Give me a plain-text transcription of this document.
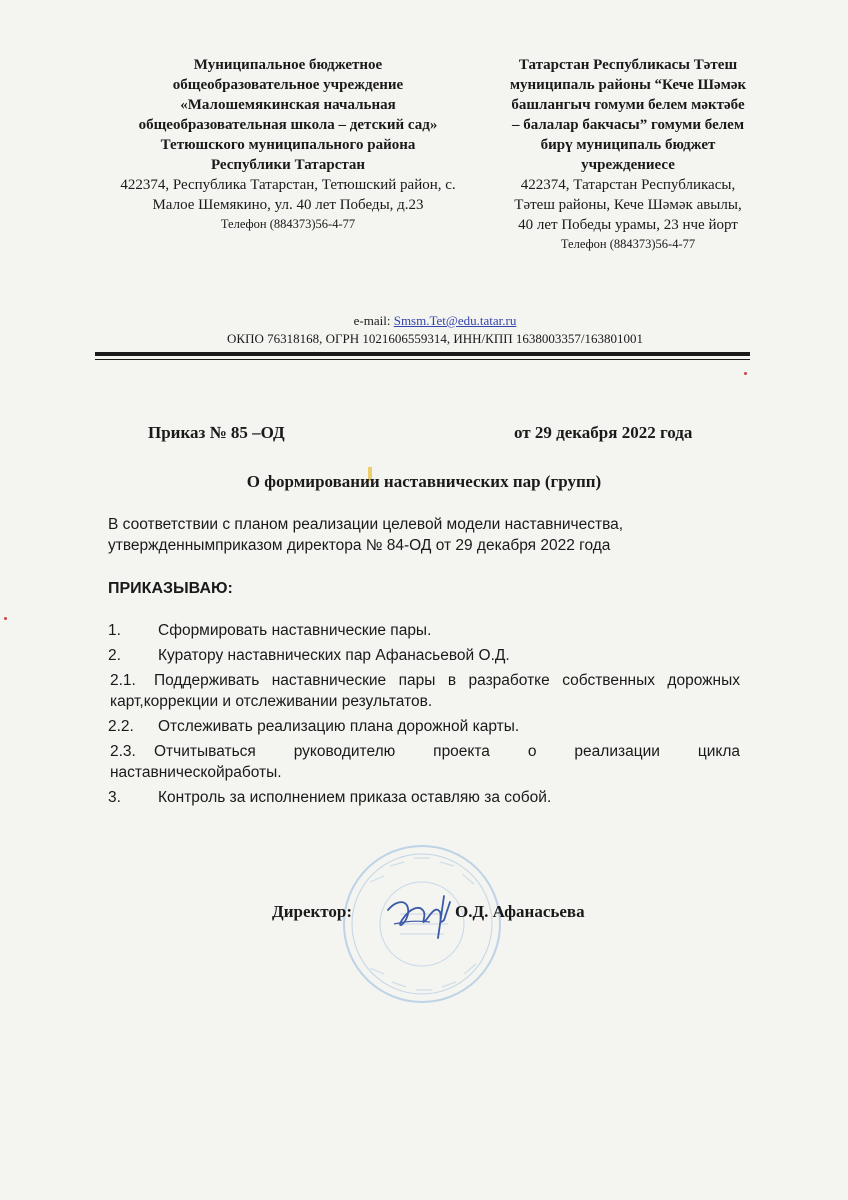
Муниципальное бюджетное
общеобразовательное учреждение
«Малошемякинская начальная
общеобразовательная школа – детский сад»
Тетюшского муниципального района
Республики Татарстан
422374, Республика Татарстан, Тетюшский район, с. Малое Шемякино, ул. 40 лет Победы, д.23
Телефон (884373)56-4-77
Татарстан Республикасы Тәтеш
муниципаль районы “Кече Шәмәк
башлангыч гомуми белем мәктәбе
– балалар бакчасы” гомуми белем
бирү муниципаль бюджет
учреждениесе
422374, Татарстан Республикасы,
Тәтеш районы, Кече Шәмәк авылы,
40 лет Победы урамы, 23 нче йорт
Телефон (884373)56-4-77
e-mail: Smsm.Tet@edu.tatar.ru
ОКПО 76318168, ОГРН 1021606559314, ИНН/КПП 1638003357/163801001
Приказ № 85 –ОД	от 29 декабря 2022 года
О формировании наставнических пар (групп)
В соответствии с планом реализации целевой модели наставничества,
утвержденнымприказом директора № 84-ОД от 29 декабря 2022 года
ПРИКАЗЫВАЮ:
1. Сформировать наставнические пары.
2. Куратору наставнических пар Афанасьевой О.Д.
2.1. Поддерживать наставнические пары в разработке собственных дорожных карт,коррекции и отслеживании результатов.
2.2. Отслеживать реализацию плана дорожной карты.
2.3. Отчитываться руководителю проекта о реализации цикла наставническойработы.
3. Контроль за исполнением приказа оставляю за собой.
Директор:	О.Д. Афанасьева
